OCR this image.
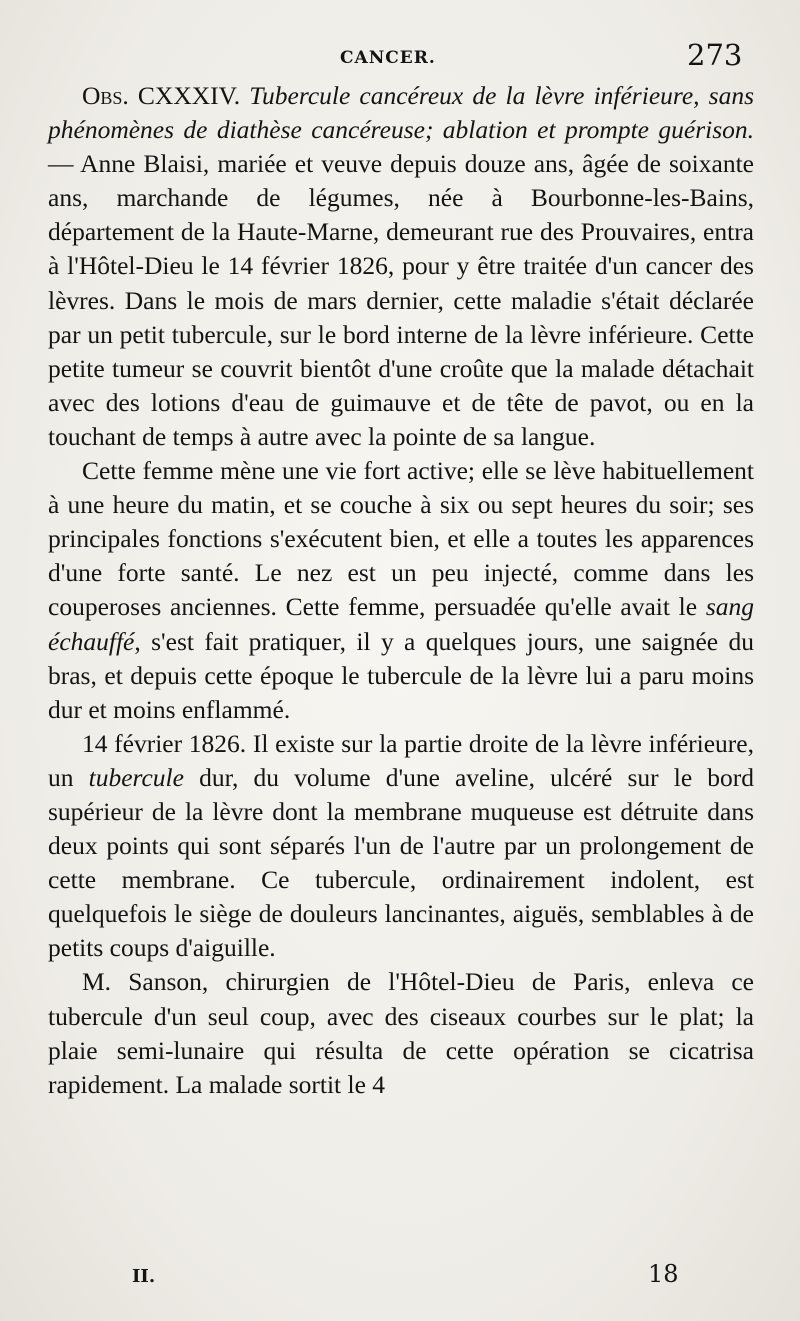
CANCER.	273

Obs. CXXXIV. Tubercule cancéreux de la lèvre inférieure, sans phénomènes de diathèse cancéreuse; ablation et prompte guérison. — Anne Blaisi, mariée et veuve depuis douze ans, âgée de soixante ans, marchande de légumes, née à Bourbonne-les-Bains, département de la Haute-Marne, demeurant rue des Prouvaires, entra à l'Hôtel-Dieu le 14 février 1826, pour y être traitée d'un cancer des lèvres. Dans le mois de mars dernier, cette maladie s'était déclarée par un petit tubercule, sur le bord interne de la lèvre inférieure. Cette petite tumeur se couvrit bientôt d'une croûte que la malade détachait avec des lotions d'eau de guimauve et de tête de pavot, ou en la touchant de temps à autre avec la pointe de sa langue.

Cette femme mène une vie fort active; elle se lève habituellement à une heure du matin, et se couche à six ou sept heures du soir; ses principales fonctions s'exécutent bien, et elle a toutes les apparences d'une forte santé. Le nez est un peu injecté, comme dans les couperoses anciennes. Cette femme, persuadée qu'elle avait le sang échauffé, s'est fait pratiquer, il y a quelques jours, une saignée du bras, et depuis cette époque le tubercule de la lèvre lui a paru moins dur et moins enflammé.

14 février 1826. Il existe sur la partie droite de la lèvre inférieure, un tubercule dur, du volume d'une aveline, ulcéré sur le bord supérieur de la lèvre dont la membrane muqueuse est détruite dans deux points qui sont séparés l'un de l'autre par un prolongement de cette membrane. Ce tubercule, ordinairement indolent, est quelquefois le siège de douleurs lancinantes, aiguës, semblables à de petits coups d'aiguille.

M. Sanson, chirurgien de l'Hôtel-Dieu de Paris, enleva ce tubercule d'un seul coup, avec des ciseaux courbes sur le plat; la plaie semi-lunaire qui résulta de cette opération se cicatrisa rapidement. La malade sortit le 4

II.	18
